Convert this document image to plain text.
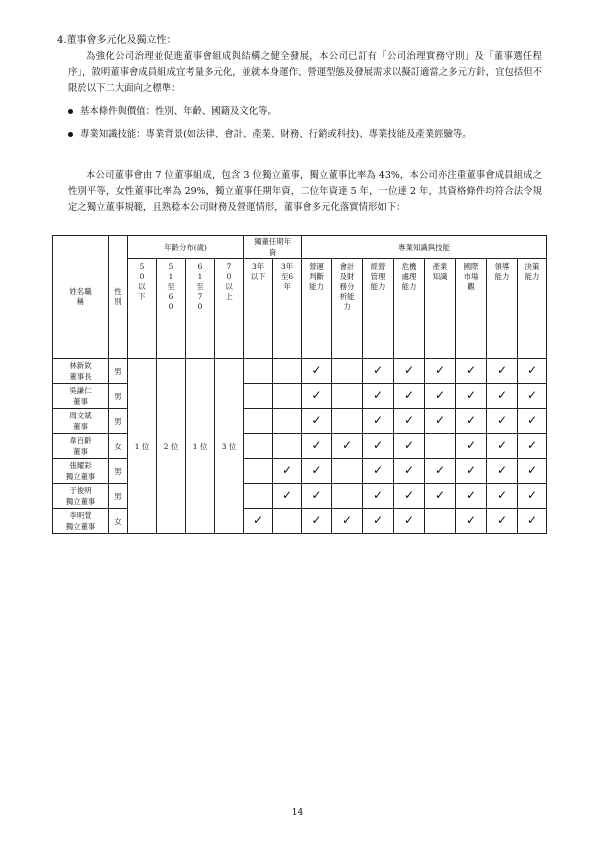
4.董事會多元化及獨立性：
為強化公司治理並促進董事會組成與結構之健全發展，本公司已訂有「公司治理實務守則」及「董事選任程序」，敘明董事會成員組成宜考量多元化，並就本身運作、營運型態及發展需求以擬訂適當之多元方針，宜包括但不限於以下二大面向之標準：
基本條件與價值：性別、年齡、國籍及文化等。
專業知識技能：專業背景(如法律、會計、產業、財務、行銷或科技)、專業技能及產業經驗等。
本公司董事會由 7 位董事組成，包含 3 位獨立董事，獨立董事比率為 43%，本公司亦注重董事會成員組成之性別平等，女性董事比率為 29%，獨立董事任期年資，二位年資達 5 年，一位達 2 年，其資格條件均符合法令規定之獨立董事規範，且熟稔本公司財務及營運情形，董事會多元化落實情形如下：
姓名職稱	性別	年齡分布(歲)				獨董任期年資		專業知識與技能							
		50以下	51至60	61至70	70以上	3年以下	3年至6年	營運判斷能力	會計及財務分析能力	經營管理能力	危機處理能力	產業知識	國際市場觀	領導能力	決策能力

林新欽
董事長	男	1 位	2 位	1 位	3 位			✓		✓	✓	✓	✓	✓	✓

吳謙仁
董事	男							✓		✓	✓	✓	✓	✓	✓

周文斌
董事	男							✓		✓	✓	✓	✓	✓	✓

韋百齡
董事	女							✓	✓	✓	✓		✓	✓	✓

張耀彩
獨立董事	男						✓	✓		✓	✓	✓	✓	✓	✓

于俊明
獨立董事	男						✓	✓		✓	✓	✓	✓	✓	✓

李明萱
獨立董事	女					✓		✓	✓	✓	✓		✓	✓	✓
14
